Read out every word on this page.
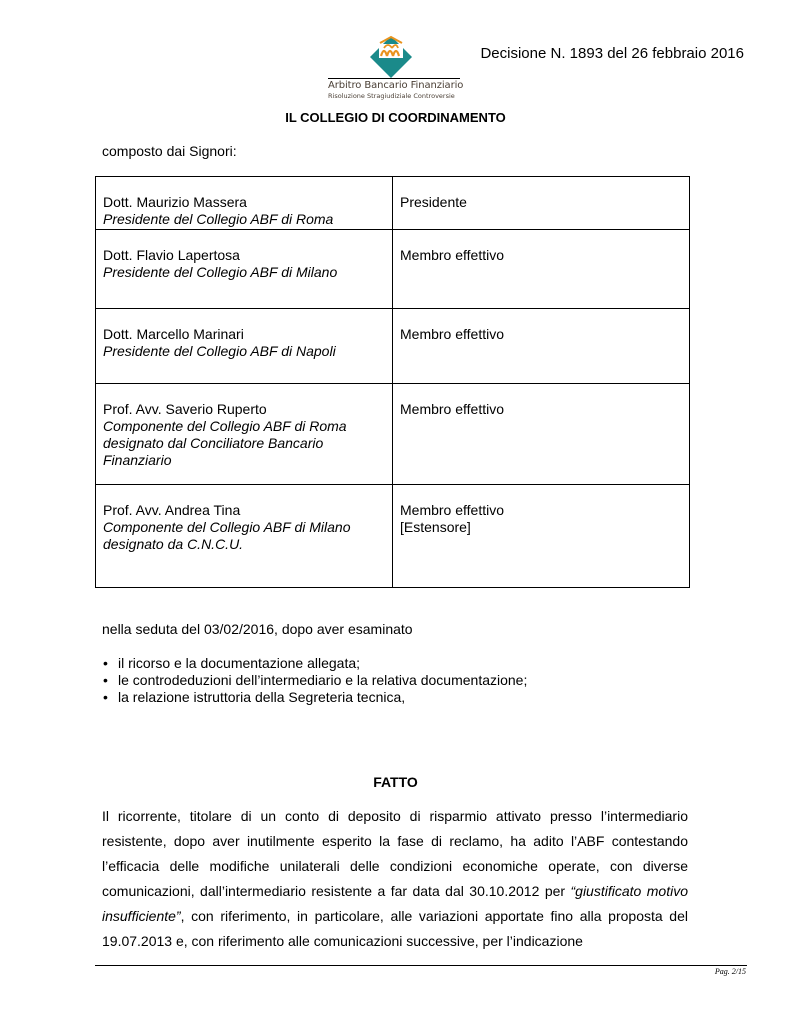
Arbitro Bancario Finanziario
Risoluzione Stragiudiziale Controversie
Decisione N. 1893 del 26 febbraio 2016
IL COLLEGIO DI COORDINAMENTO
composto dai Signori:
Dott. Maurizio Massera
Presidente del Collegio ABF di Roma	Presidente

Dott. Flavio Lapertosa
Presidente del Collegio ABF di Milano	Membro effettivo

Dott. Marcello Marinari
Presidente del Collegio ABF di Napoli	Membro effettivo

Prof. Avv. Saverio Ruperto
Componente del Collegio ABF di Roma
designato dal Conciliatore Bancario
Finanziario	Membro effettivo

Prof. Avv. Andrea Tina
Componente del Collegio ABF di Milano
designato da C.N.C.U.	Membro effettivo
[Estensore]
nella seduta del 03/02/2016, dopo aver esaminato
• il ricorso e la documentazione allegata;
• le controdeduzioni dell’intermediario e la relativa documentazione;
• la relazione istruttoria della Segreteria tecnica,
FATTO

Il ricorrente, titolare di un conto di deposito di risparmio attivato presso l’intermediario resistente, dopo aver inutilmente esperito la fase di reclamo, ha adito l’ABF contestando l’efficacia delle modifiche unilaterali delle condizioni economiche operate, con diverse comunicazioni, dall’intermediario resistente a far data dal 30.10.2012 per “giustificato motivo insufficiente”, con riferimento, in particolare, alle variazioni apportate fino alla proposta del 19.07.2013 e, con riferimento alle comunicazioni successive, per l’indicazione

Pag. 2/15
